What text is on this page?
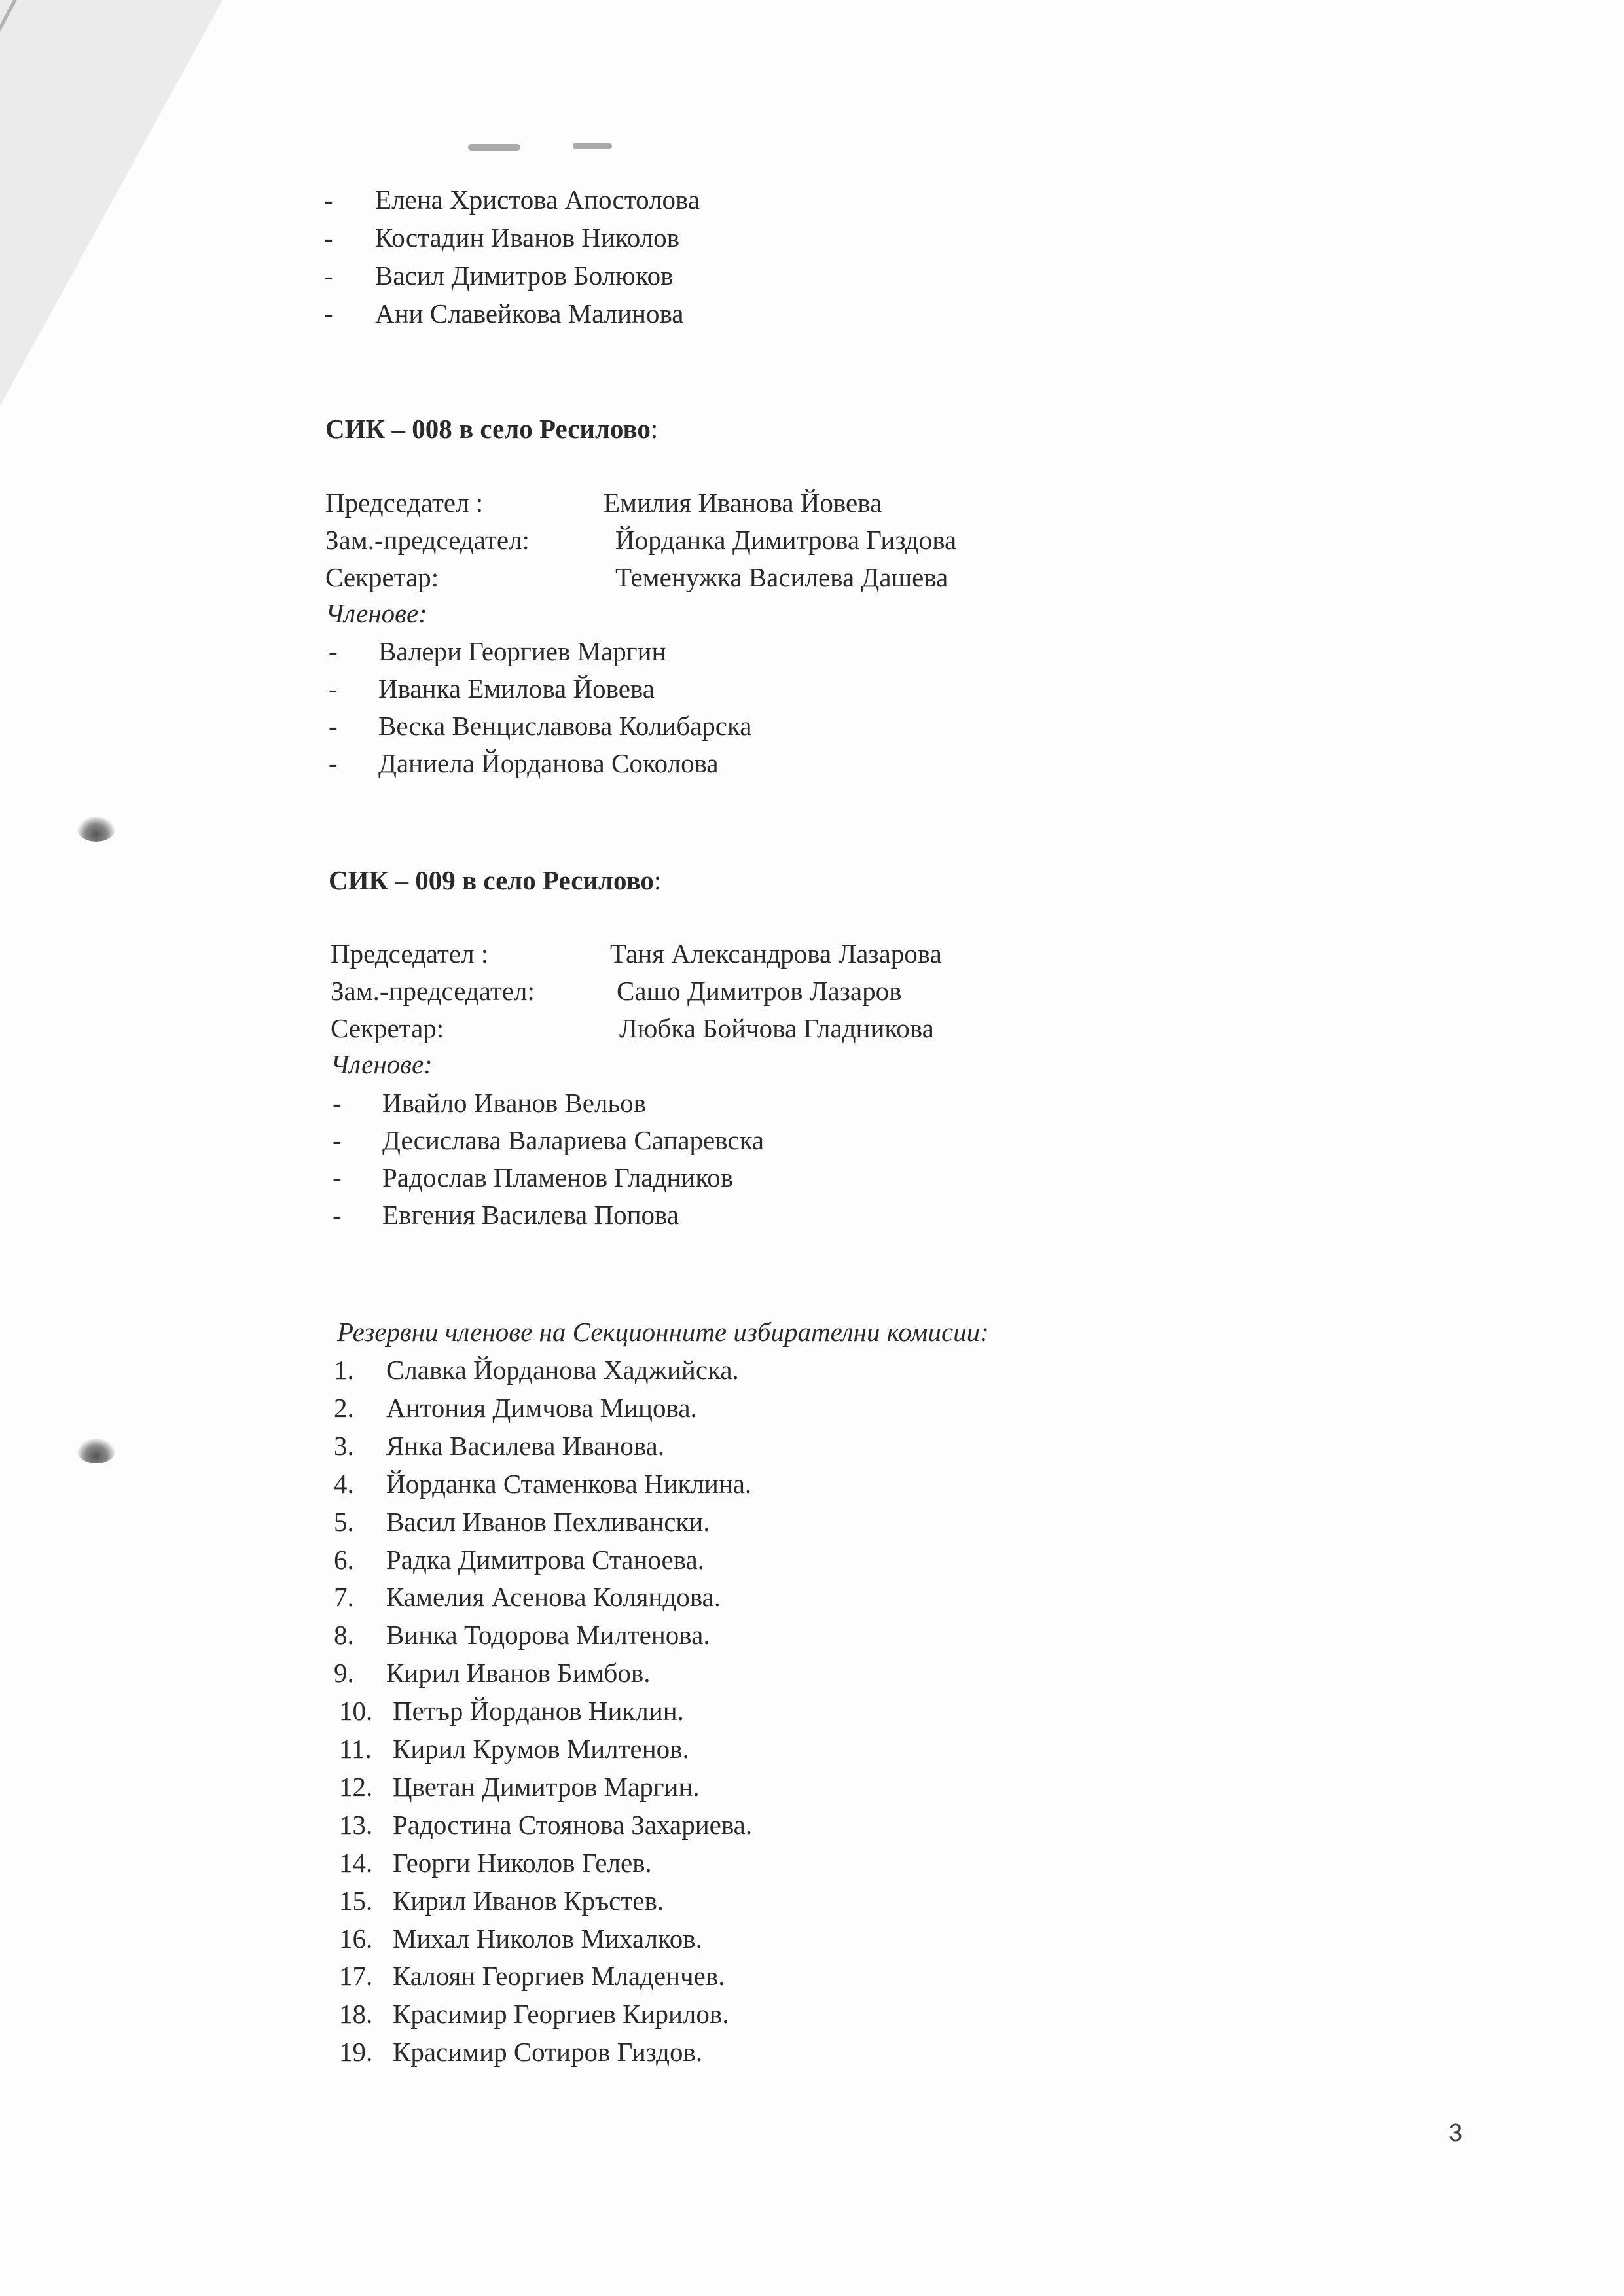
- Елена Христова Апостолова
- Костадин Иванов Николов
- Васил Димитров Болюков
- Ани Славейкова Малинова
СИК – 008 в село Ресилово:
Председател :	Емилия Иванова Йовева
Зам.-председател:	Йорданка Димитрова Гиздова
Секретар:	Теменужка Василева Дашева
Членове:
- Валери Георгиев Маргин
- Иванка Емилова Йовева
- Веска Венциславова Колибарска
- Даниела Йорданова Соколова
СИК – 009 в село Ресилово:
Председател :	Таня Александрова Лазарова
Зам.-председател:	Сашо Димитров Лазаров
Секретар:	Любка Бойчова Гладникова
Членове:
- Ивайло Иванов Вельов
- Десислава Валариева Сапаревска
- Радослав Пламенов Гладников
- Евгения Василева Попова
Резервни членове на Секционните избирателни комисии:
1. Славка Йорданова Хаджийска.
2. Антония Димчова Мицова.
3. Янка Василева Иванова.
4. Йорданка Стаменкова Никлина.
5. Васил Иванов Пехливански.
6. Радка Димитрова Станоева.
7. Камелия Асенова Коляндова.
8. Винка Тодорова Милтенова.
9. Кирил Иванов Бимбов.
10. Петър Йорданов Никлин.
11. Кирил Крумов Милтенов.
12. Цветан Димитров Маргин.
13. Радостина Стоянова Захариева.
14. Георги Николов Гелев.
15. Кирил Иванов Кръстев.
16. Михал Николов Михалков.
17. Калоян Георгиев Младенчев.
18. Красимир Георгиев Кирилов.
19. Красимир Сотиров Гиздов.
3
